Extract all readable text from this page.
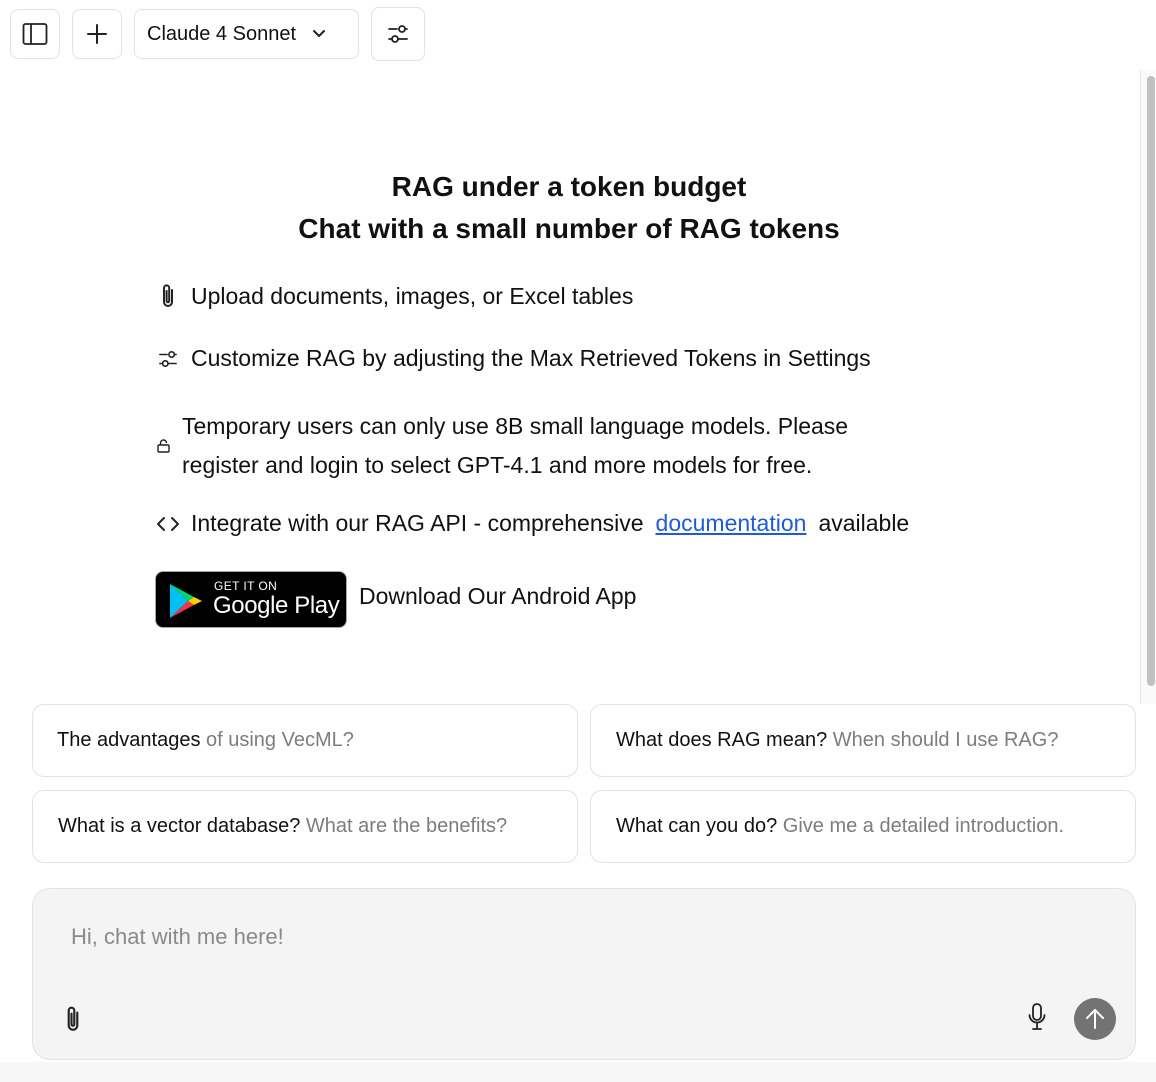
Claude 4 Sonnet
RAG under a token budget
Chat with a small number of RAG tokens
Upload documents, images, or Excel tables
Customize RAG by adjusting the Max Retrieved Tokens in Settings
Temporary users can only use 8B small language models. Please
register and login to select GPT-4.1 and more models for free.
Integrate with our RAG API - comprehensive documentation available
GET IT ON
Google Play Download Our Android App
The advantages
of using VecML?	What does RAG mean?
When should I use RAG?
What is a vector database?
What are the benefits?	What can you do?
Give me a detailed introduction.
Hi, chat with me here!
